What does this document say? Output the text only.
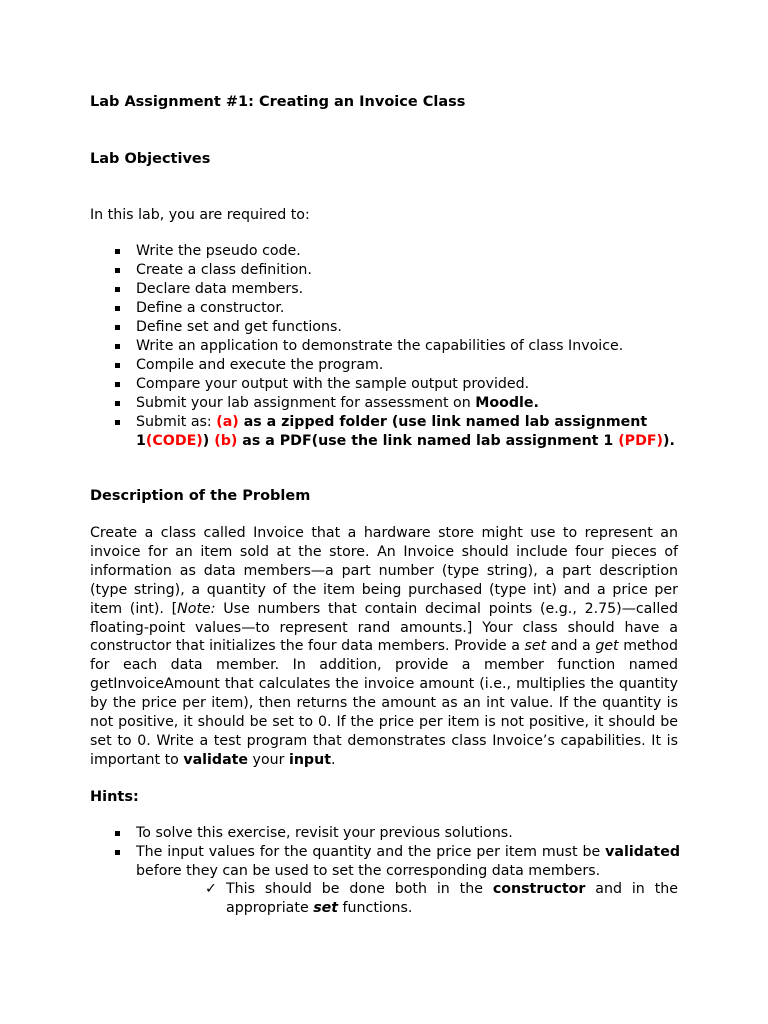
Lab Assignment #1: Creating an Invoice Class
Lab Objectives
In this lab, you are required to:
Write the pseudo code.
Create a class definition.
Declare data members.
Define a constructor.
Define set and get functions.
Write an application to demonstrate the capabilities of class Invoice.
Compile and execute the program.
Compare your output with the sample output provided.
Submit your lab assignment for assessment on Moodle.
Submit as: (a) as a zipped folder (use link named lab assignment 1(CODE)) (b) as a PDF(use the link named lab assignment 1 (PDF)).
Description of the Problem
Create a class called Invoice that a hardware store might use to represent an invoice for an item sold at the store. An Invoice should include four pieces of information as data members—a part number (type string), a part description (type string), a quantity of the item being purchased (type int) and a price per item (int). [Note: Use numbers that contain decimal points (e.g., 2.75)—called floating-point values—to represent rand amounts.] Your class should have a constructor that initializes the four data members. Provide a set and a get method for each data member. In addition, provide a member function named getInvoiceAmount that calculates the invoice amount (i.e., multiplies the quantity by the price per item), then returns the amount as an int value. If the quantity is not positive, it should be set to 0. If the price per item is not positive, it should be set to 0. Write a test program that demonstrates class Invoice’s capabilities. It is important to validate your input.
Hints:
To solve this exercise, revisit your previous solutions.
The input values for the quantity and the price per item must be validated before they can be used to set the corresponding data members.
✓ This should be done both in the constructor and in the appropriate set functions.
